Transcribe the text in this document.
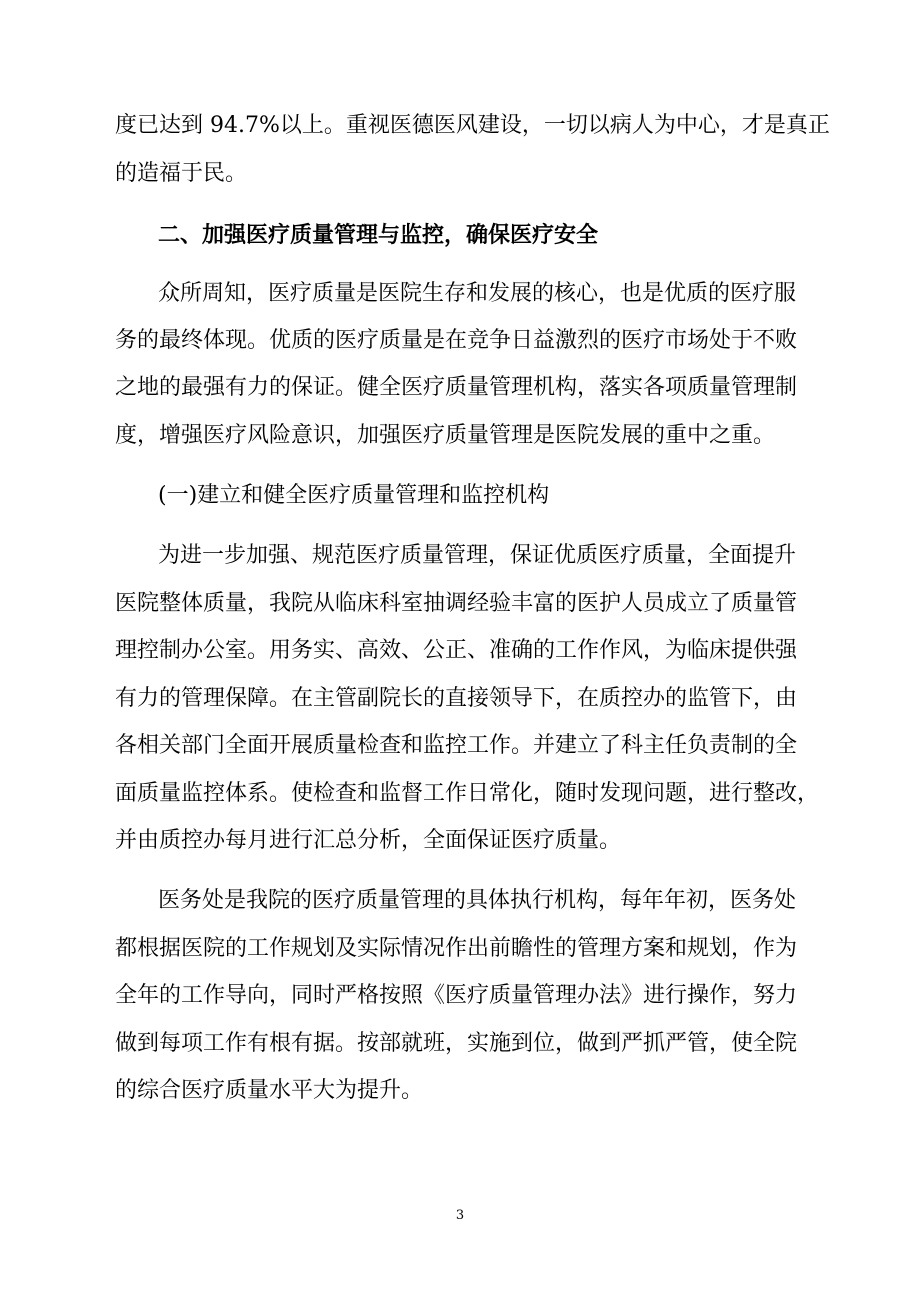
度已达到 94.7%以上。重视医德医风建设，一切以病人为中心，才是真正

的造福于民。

二、加强医疗质量管理与监控，确保医疗安全

众所周知，医疗质量是医院生存和发展的核心，也是优质的医疗服

务的最终体现。优质的医疗质量是在竞争日益激烈的医疗市场处于不败

之地的最强有力的保证。健全医疗质量管理机构，落实各项质量管理制

度，增强医疗风险意识，加强医疗质量管理是医院发展的重中之重。

(一)建立和健全医疗质量管理和监控机构

为进一步加强、规范医疗质量管理，保证优质医疗质量，全面提升

医院整体质量，我院从临床科室抽调经验丰富的医护人员成立了质量管

理控制办公室。用务实、高效、公正、准确的工作作风，为临床提供强

有力的管理保障。在主管副院长的直接领导下，在质控办的监管下，由

各相关部门全面开展质量检查和监控工作。并建立了科主任负责制的全

面质量监控体系。使检查和监督工作日常化，随时发现问题，进行整改，

并由质控办每月进行汇总分析，全面保证医疗质量。

医务处是我院的医疗质量管理的具体执行机构，每年年初，医务处

都根据医院的工作规划及实际情况作出前瞻性的管理方案和规划，作为

全年的工作导向，同时严格按照《医疗质量管理办法》进行操作，努力

做到每项工作有根有据。按部就班，实施到位，做到严抓严管，使全院

的综合医疗质量水平大为提升。

3
